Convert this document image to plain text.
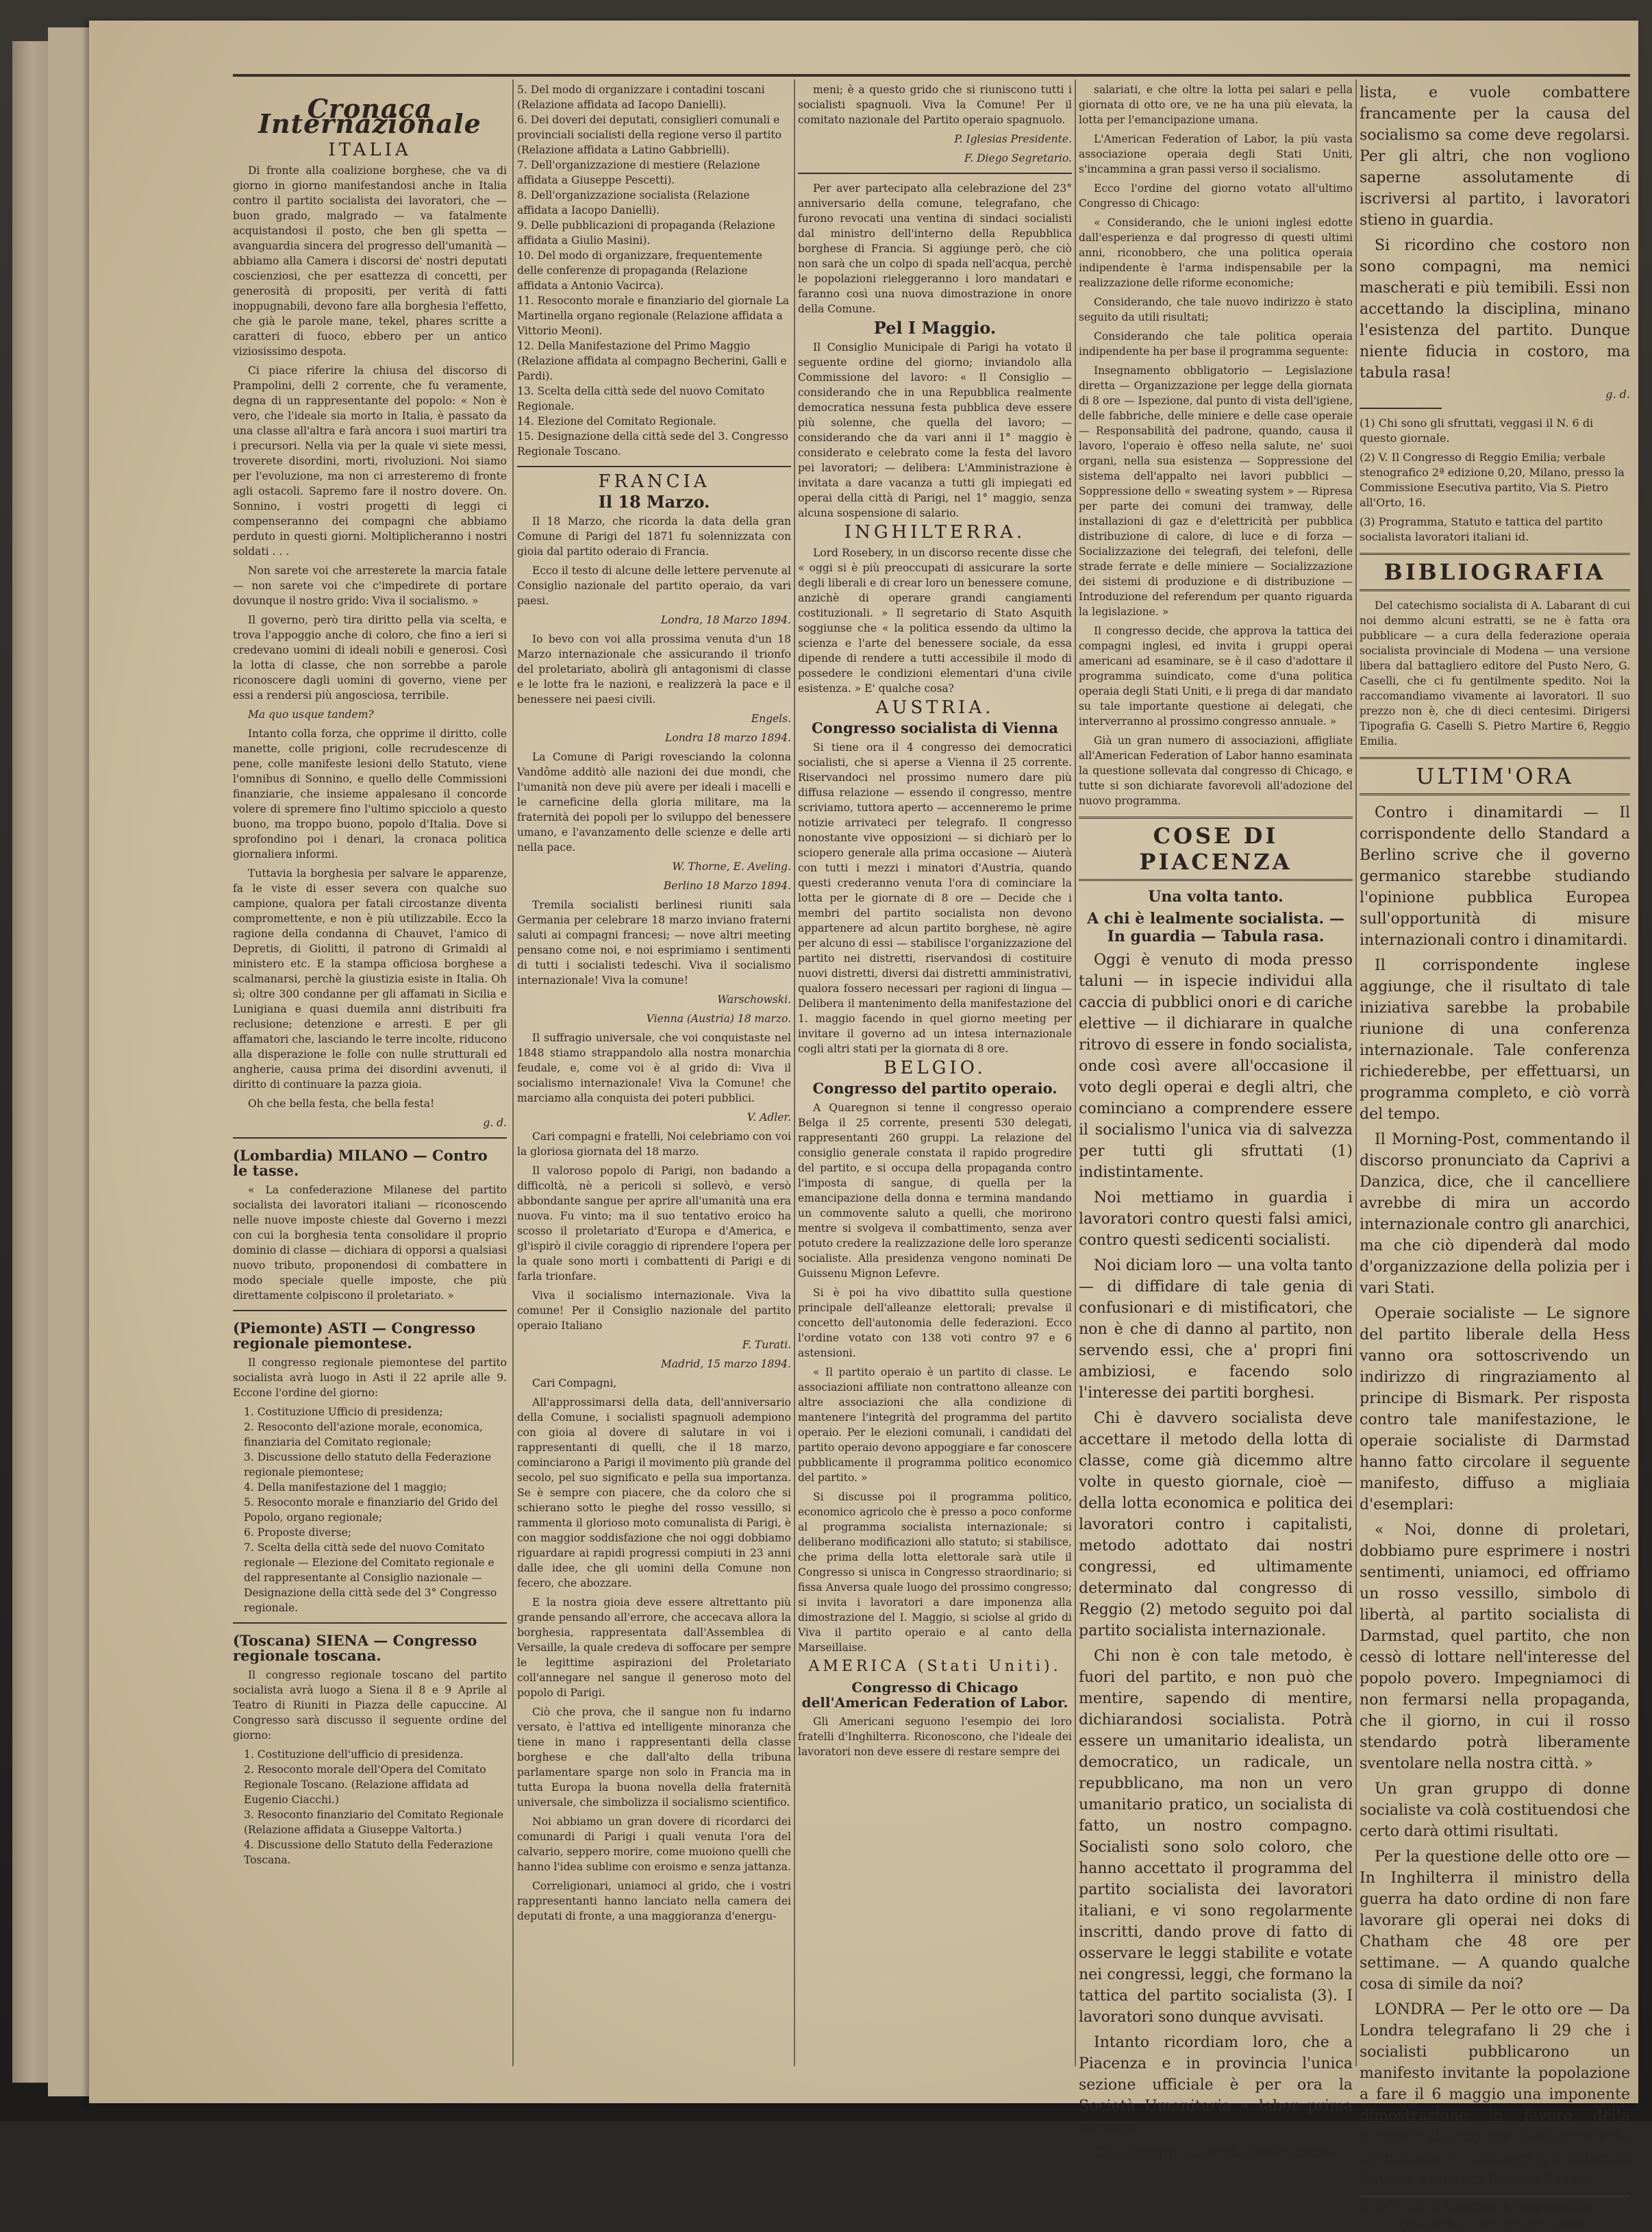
Cronaca Internazionale
ITALIA

Di fronte alla coalizione borghese, che va di giorno in giorno manifestandosi anche in Italia contro il partito socialista dei lavoratori, che — buon grado, malgrado — va fatalmente acquistandosi il posto, che ben gli spetta — avanguardia sincera del progresso dell'umanità — abbiamo alla Camera i discorsi de' nostri deputati coscienziosi, che per esattezza di concetti, per generosità di propositi, per verità di fatti inoppugnabili, devono fare alla borghesia l'effetto, che già le parole mane, tekel, phares scritte a caratteri di fuoco, ebbero per un antico viziosissimo despota.

Ci piace riferire la chiusa del discorso di Prampolini, delli 2 corrente, che fu veramente, degna di un rappresentante del popolo: « Non è vero, che l'ideale sia morto in Italia, è passato da una classe all'altra e farà ancora i suoi martiri tra i precursori. Nella via per la quale vi siete messi, troverete disordini, morti, rivoluzioni. Noi siamo per l'evoluzione, ma non ci arresteremo di fronte agli ostacoli. Sapremo fare il nostro dovere. On. Sonnino, i vostri progetti di leggi ci compenseranno dei compagni che abbiamo perduto in questi giorni. Moltiplicheranno i nostri soldati . . .

Non sarete voi che arresterete la marcia fatale — non sarete voi che c'impedirete di portare dovunque il nostro grido: Viva il socialismo. »

Il governo, però tira diritto pella via scelta, e trova l'appoggio anche di coloro, che fino a ieri si credevano uomini di ideali nobili e generosi. Così la lotta di classe, che non sorrebbe a parole riconoscere dagli uomini di governo, viene per essi a rendersi più angosciosa, terribile.

Ma quo usque tandem?

Intanto colla forza, che opprime il diritto, colle manette, colle prigioni, colle recrudescenze di pene, colle manifeste lesioni dello Statuto, viene l'omnibus di Sonnino, e quello delle Commissioni finanziarie, che insieme appalesano il concorde volere di spremere fino l'ultimo spicciolo a questo buono, ma troppo buono, popolo d'Italia. Dove si sprofondino poi i denari, la cronaca politica giornaliera informi.

Tuttavia la borghesia per salvare le apparenze, fa le viste di esser severa con qualche suo campione, qualora per fatali circostanze diventa compromettente, e non è più utilizzabile. Ecco la ragione della condanna di Chauvet, l'amico di Depretis, di Giolitti, il patrono di Grimaldi al ministero etc. E la stampa officiosa borghese a scalmanarsi, perchè la giustizia esiste in Italia. Oh sì; oltre 300 condanne per gli affamati in Sicilia e Lunigiana e quasi duemila anni distribuiti fra reclusione; detenzione e arresti. E per gli affamatori che, lasciando le terre incolte, riducono alla disperazione le folle con nulle strutturali ed angherie, causa prima dei disordini avvenuti, il diritto di continuare la pazza gioia.

Oh che bella festa, che bella festa!

g. d.
(Lombardia) MILANO — Contro le tasse.

« La confederazione Milanese del partito socialista dei lavoratori italiani — riconoscendo nelle nuove imposte chieste dal Governo i mezzi con cui la borghesia tenta consolidare il proprio dominio di classe — dichiara di opporsi a qualsiasi nuovo tributo, proponendosi di combattere in modo speciale quelle imposte, che più direttamente colpiscono il proletariato. »

(Piemonte) ASTI — Congresso regionale piemontese.

Il congresso regionale piemontese del partito socialista avrà luogo in Asti il 22 aprile alle 9. Eccone l'ordine del giorno:

1. Costituzione Ufficio di presidenza;
2. Resoconto dell'azione morale, economica, finanziaria del Comitato regionale;
3. Discussione dello statuto della Federazione regionale piemontese;
4. Della manifestazione del 1 maggio;
5. Resoconto morale e finanziario del Grido del Popolo, organo regionale;
6. Proposte diverse;
7. Scelta della città sede del nuovo Comitato regionale — Elezione del Comitato regionale e del rappresentante al Consiglio nazionale — Designazione della città sede del 3° Congresso regionale.
(Toscana) SIENA — Congresso regionale toscana.

Il congresso regionale toscano del partito socialista avrà luogo a Siena il 8 e 9 Aprile al Teatro di Riuniti in Piazza delle capuccine. Al Congresso sarà discusso il seguente ordine del giorno:

1. Costituzione dell'ufficio di presidenza.
2. Resoconto morale dell'Opera del Comitato Regionale Toscano. (Relazione affidata ad Eugenio Ciacchi.)
3. Resoconto finanziario del Comitato Regionale (Relazione affidata a Giuseppe Valtorta.)
4. Discussione dello Statuto della Federazione Toscana.
5. Del modo di organizzare i contadini toscani (Relazione affidata ad Iacopo Danielli).
6. Dei doveri dei deputati, consiglieri comunali e provinciali socialisti della regione verso il partito (Relazione affidata a Latino Gabbrielli).
7. Dell'organizzazione di mestiere (Relazione affidata a Giuseppe Pescetti).
8. Dell'organizzazione socialista (Relazione affidata a Iacopo Danielli).
9. Delle pubblicazioni di propaganda (Relazione affidata a Giulio Masini).
10. Del modo di organizzare, frequentemente delle conferenze di propaganda (Relazione affidata a Antonio Vacirca).
11. Resoconto morale e finanziario del giornale La Martinella organo regionale (Relazione affidata a Vittorio Meoni).
12. Della Manifestazione del Primo Maggio (Relazione affidata al compagno Becherini, Galli e Pardi).
13. Scelta della città sede del nuovo Comitato Regionale.
14. Elezione del Comitato Regionale.
15. Designazione della città sede del 3. Congresso Regionale Toscano.
FRANCIA
Il 18 Marzo.

Il 18 Marzo, che ricorda la data della gran Comune di Parigi del 1871 fu solennizzata con gioia dal partito oderaio di Francia.

Ecco il testo di alcune delle lettere pervenute al Consiglio nazionale del partito operaio, da vari paesi.

Londra, 18 Marzo 1894.

Io bevo con voi alla prossima venuta d'un 18 Marzo internazionale che assicurando il trionfo del proletariato, abolirà gli antagonismi di classe e le lotte fra le nazioni, e realizzerà la pace e il benessere nei paesi civili.

Engels.
Londra 18 marzo 1894.

La Comune di Parigi rovesciando la colonna Vandôme additò alle nazioni dei due mondi, che l'umanità non deve più avere per ideali i macelli e le carneficine della gloria militare, ma la fraternità dei popoli per lo sviluppo del benessere umano, e l'avanzamento delle scienze e delle arti nella pace.

W. Thorne, E. Aveling.
Berlino 18 Marzo 1894.

Tremila socialisti berlinesi riuniti sala Germania per celebrare 18 marzo inviano fraterni saluti ai compagni francesi; — nove altri meeting pensano come noi, e noi esprimiamo i sentimenti di tutti i socialisti tedeschi. Viva il socialismo internazionale! Viva la comune!

Warschowski.
Vienna (Austria) 18 marzo.

Il suffragio universale, che voi conquistaste nel 1848 stiamo strappandolo alla nostra monarchia feudale, e, come voi è al grido di: Viva il socialismo internazionale! Viva la Comune! che marciamo alla conquista dei poteri pubblici.

V. Adler.

Cari compagni e fratelli, Noi celebriamo con voi la gloriosa giornata del 18 marzo.

Il valoroso popolo di Parigi, non badando a difficoltà, nè a pericoli si sollevò, e versò abbondante sangue per aprire all'umanità una era nuova. Fu vinto; ma il suo tentativo eroico ha scosso il proletariato d'Europa e d'America, e gl'ispirò il civile coraggio di riprendere l'opera per la quale sono morti i combattenti di Parigi e di farla trionfare.

Viva il socialismo internazionale. Viva la comune! Per il Consiglio nazionale del partito operaio Italiano

F. Turati.
Madrid, 15 marzo 1894.

Cari Compagni,

All'approssimarsi della data, dell'anniversario della Comune, i socialisti spagnuoli adempiono con gioia al dovere di salutare in voi i rappresentanti di quelli, che il 18 marzo, cominciarono a Parigi il movimento più grande del secolo, pel suo significato e pella sua importanza. Se è sempre con piacere, che da coloro che si schierano sotto le pieghe del rosso vessillo, si rammenta il glorioso moto comunalista di Parigi, è con maggior soddisfazione che noi oggi dobbiamo riguardare ai rapidi progressi compiuti in 23 anni dalle idee, che gli uomini della Comune non fecero, che abozzare.

E la nostra gioia deve essere altrettanto più grande pensando all'errore, che accecava allora la borghesia, rappresentata dall'Assemblea di Versaille, la quale credeva di soffocare per sempre le legittime aspirazioni del Proletariato coll'annegare nel sangue il generoso moto del popolo di Parigi.

Ciò che prova, che il sangue non fu indarno versato, è l'attiva ed intelligente minoranza che tiene in mano i rappresentanti della classe borghese e che dall'alto della tribuna parlamentare sparge non solo in Francia ma in tutta Europa la buona novella della fraternità universale, che simbolizza il socialismo scientifico.

Noi abbiamo un gran dovere di ricordarci dei comunardi di Parigi i quali venuta l'ora del calvario, seppero morire, come muoiono quelli che hanno l'idea sublime con eroismo e senza jattanza.

Correligionari, uniamoci al grido, che i vostri rappresentanti hanno lanciato nella camera dei deputati di fronte, a una maggioranza d'energu-

meni; è a questo grido che si riuniscono tutti i socialisti spagnuoli. Viva la Comune! Per il comitato nazionale del Partito operaio spagnuolo.

P. Iglesias Presidente.
F. Diego Segretario.

Per aver partecipato alla celebrazione del 23° anniversario della comune, telegrafano, che furono revocati una ventina di sindaci socialisti dal ministro dell'interno della Repubblica borghese di Francia. Si aggiunge però, che ciò non sarà che un colpo di spada nell'acqua, perchè le popolazioni rieleggeranno i loro mandatari e faranno così una nuova dimostrazione in onore della Comune.

Pel I Maggio.

Il Consiglio Municipale di Parigi ha votato il seguente ordine del giorno; inviandolo alla Commissione del lavoro: « Il Consiglio — considerando che in una Repubblica realmente democratica nessuna festa pubblica deve essere più solenne, che quella del lavoro; — considerando che da vari anni il 1° maggio è considerato e celebrato come la festa del lavoro pei lavoratori; — delibera: L'Amministrazione è invitata a dare vacanza a tutti gli impiegati ed operai della città di Parigi, nel 1° maggio, senza alcuna sospensione di salario.

INGHILTERRA.

Lord Rosebery, in un discorso recente disse che « oggi si è più preoccupati di assicurare la sorte degli liberali e di crear loro un benessere comune, anzichè di operare grandi cangiamenti costituzionali. » Il segretario di Stato Asquith soggiunse che « la politica essendo da ultimo la scienza e l'arte del benessere sociale, da essa dipende di rendere a tutti accessibile il modo di possedere le condizioni elementari d'una civile esistenza. » E' qualche cosa?

AUSTRIA.
Congresso socialista di Vienna

Si tiene ora il 4 congresso dei democratici socialisti, che si aperse a Vienna il 25 corrente. Riservandoci nel prossimo numero dare più diffusa relazione — essendo il congresso, mentre scriviamo, tuttora aperto — accenneremo le prime notizie arrivateci per telegrafo. Il congresso nonostante vive opposizioni — si dichiarò per lo sciopero generale alla prima occasione — Aiuterà con tutti i mezzi i minatori d'Austria, quando questi crederanno venuta l'ora di cominciare la lotta per le giornate di 8 ore — Decide che i membri del partito socialista non devono appartenere ad alcun partito borghese, nè agire per alcuno di essi — stabilisce l'organizzazione del partito nei distretti, riservandosi di costituire nuovi distretti, diversi dai distretti amministrativi, qualora fossero necessari per ragioni di lingua — Delibera il mantenimento della manifestazione del 1. maggio facendo in quel giorno meeting per invitare il governo ad un intesa internazionale cogli altri stati per la giornata di 8 ore.

BELGIO.
Congresso del partito operaio.

A Quaregnon si tenne il congresso operaio Belga il 25 corrente, presenti 530 delegati, rappresentanti 260 gruppi. La relazione del consiglio generale constata il rapido progredire del partito, e si occupa della propaganda contro l'imposta di sangue, di quella per la emancipazione della donna e termina mandando un commovente saluto a quelli, che morirono mentre si svolgeva il combattimento, senza aver potuto credere la realizzazione delle loro speranze socialiste. Alla presidenza vengono nominati De Guissenu Mignon Lefevre.

Si è poi ha vivo dibattito sulla questione principale dell'alleanze elettorali; prevalse il concetto dell'autonomia delle federazioni. Ecco l'ordine votato con 138 voti contro 97 e 6 astensioni.

« Il partito operaio è un partito di classe. Le associazioni affiliate non contrattono alleanze con altre associazioni che alla condizione di mantenere l'integrità del programma del partito operaio. Per le elezioni comunali, i candidati del partito operaio devono appoggiare e far conoscere pubblicamente il programma politico economico del partito. »

Si discusse poi il programma politico, economico agricolo che è presso a poco conforme al programma socialista internazionale; si deliberano modificazioni allo statuto; si stabilisce, che prima della lotta elettorale sarà utile il Congresso si unisca in Congresso straordinario; si fissa Anversa quale luogo del prossimo congresso; si invita i lavoratori a dare imponenza alla dimostrazione del I. Maggio, si sciolse al grido di Viva il partito operaio e al canto della Marseillaise.

AMERICA (Stati Uniti).
Congresso di Chicago dell'American Federation of Labor.

Gli Americani seguono l'esempio dei loro fratelli d'Inghilterra. Riconoscono, che l'ideale dei lavoratori non deve essere di restare sempre dei

salariati, e che oltre la lotta pei salari e pella giornata di otto ore, ve ne ha una più elevata, la lotta per l'emancipazione umana.

L'American Federation of Labor, la più vasta associazione operaia degli Stati Uniti, s'incammina a gran passi verso il socialismo.

Ecco l'ordine del giorno votato all'ultimo Congresso di Chicago:

« Considerando, che le unioni inglesi edotte dall'esperienza e dal progresso di questi ultimi anni, riconobbero, che una politica operaia indipendente è l'arma indispensabile per la realizzazione delle riforme economiche;

Considerando, che tale nuovo indirizzo è stato seguito da utili risultati;

Considerando che tale politica operaia indipendente ha per base il programma seguente:

Insegnamento obbligatorio — Legislazione diretta — Organizzazione per legge della giornata di 8 ore — Ispezione, dal punto di vista dell'igiene, delle fabbriche, delle miniere e delle case operaie — Responsabilità del padrone, quando, causa il lavoro, l'operaio è offeso nella salute, ne' suoi organi, nella sua esistenza — Soppressione del sistema dell'appalto nei lavori pubblici — Soppressione dello « sweating system » — Ripresa per parte dei comuni dei tramway, delle installazioni di gaz e d'elettricità per pubblica distribuzione di calore, di luce e di forza — Socializzazione dei telegrafi, dei telefoni, delle strade ferrate e delle miniere — Socializzazione dei sistemi di produzione e di distribuzione — Introduzione del referendum per quanto riguarda la legislazione. »

Il congresso decide, che approva la tattica dei compagni inglesi, ed invita i gruppi operai americani ad esaminare, se è il caso d'adottare il programma suindicato, come d'una politica operaia degli Stati Uniti, e li prega di dar mandato su tale importante questione ai delegati, che interverranno al prossimo congresso annuale. »

Già un gran numero di associazioni, affigliate all'American Federation of Labor hanno esaminata la questione sollevata dal congresso di Chicago, e tutte si son dichiarate favorevoli all'adozione del nuovo programma.

COSE DI PIACENZA
Una volta tanto.
A chi è lealmente socialista. — In guardia — Tabula rasa.

Oggi è venuto di moda presso taluni — in ispecie individui alla caccia di pubblici onori e di cariche elettive — il dichiarare in qualche ritrovo di essere in fondo socialista, onde così avere all'occasione il voto degli operai e degli altri, che cominciano a comprendere essere il socialismo l'unica via di salvezza per tutti gli sfruttati (1) indistintamente.

Noi mettiamo in guardia i lavoratori contro questi falsi amici, contro questi sedicenti socialisti.

Noi diciam loro — una volta tanto — di diffidare di tale genia di confusionari e di mistificatori, che non è che di danno al partito, non servendo essi, che a' propri fini ambiziosi, e facendo solo l'interesse dei partiti borghesi.

Chi è davvero socialista deve accettare il metodo della lotta di classe, come già dicemmo altre volte in questo giornale, cioè — della lotta economica e politica dei lavoratori contro i capitalisti, metodo adottato dai nostri congressi, ed ultimamente determinato dal congresso di Reggio (2) metodo seguito poi dal partito socialista internazionale.

Chi non è con tale metodo, è fuori del partito, e non può che mentire, sapendo di mentire, dichiarandosi socialista. Potrà essere un umanitario idealista, un democratico, un radicale, un repubblicano, ma non un vero umanitario pratico, un socialista di fatto, un nostro compagno. Socialisti sono solo coloro, che hanno accettato il programma del partito socialista dei lavoratori italiani, e vi sono regolarmente inscritti, dando prove di fatto di osservare le leggi stabilite e votate nei congressi, leggi, che formano la tattica del partito socialista (3). I lavoratori sono dunque avvisati.

Intanto ricordiam loro, che a Piacenza e in provincia l'unica sezione ufficiale è per ora la Società Umanitaria « labor prima virtus ».

Chi dunque si sente leale socia-

lista, e vuole combattere francamente per la causa del socialismo sa come deve regolarsi. Per gli altri, che non vogliono saperne assolutamente di iscriversi al partito, i lavoratori stieno in guardia.

Si ricordino che costoro non sono compagni, ma nemici mascherati e più temibili. Essi non accettando la disciplina, minano l'esistenza del partito. Dunque niente fiducia in costoro, ma tabula rasa!

g. d.
(1) Chi sono gli sfruttati, veggasi il N. 6 di questo giornale.
(2) V. Il Congresso di Reggio Emilia; verbale stenografico 2ª edizione 0,20, Milano, presso la Commissione Esecutiva partito, Via S. Pietro all'Orto, 16.
(3) Programma, Statuto e tattica del partito socialista lavoratori italiani id.
BIBLIOGRAFIA

Del catechismo socialista di A. Labarant di cui noi demmo alcuni estratti, se ne è fatta ora pubblicare — a cura della federazione operaia socialista provinciale di Modena — una versione libera dal battagliero editore del Pusto Nero, G. Caselli, che ci fu gentilmente spedito. Noi la raccomandiamo vivamente ai lavoratori. Il suo prezzo non è, che di dieci centesimi. Dirigersi Tipografia G. Caselli S. Pietro Martire 6, Reggio Emilia.

ULTIM'ORA

Contro i dinamitardi — Il corrispondente dello Standard a Berlino scrive che il governo germanico starebbe studiando l'opinione pubblica Europea sull'opportunità di misure internazionali contro i dinamitardi.

Il corrispondente inglese aggiunge, che il risultato di tale iniziativa sarebbe la probabile riunione di una conferenza internazionale. Tale conferenza richiederebbe, per effettuarsi, un programma completo, e ciò vorrà del tempo.

Il Morning-Post, commentando il discorso pronunciato da Caprivi a Danzica, dice, che il cancelliere avrebbe di mira un accordo internazionale contro gli anarchici, ma che ciò dipenderà dal modo d'organizzazione della polizia per i vari Stati.

Operaie socialiste — Le signore del partito liberale della Hess vanno ora sottoscrivendo un indirizzo di ringraziamento al principe di Bismark. Per risposta contro tale manifestazione, le operaie socialiste di Darmstad hanno fatto circolare il seguente manifesto, diffuso a migliaia d'esemplari:

« Noi, donne di proletari, dobbiamo pure esprimere i nostri sentimenti, uniamoci, ed offriamo un rosso vessillo, simbolo di libertà, al partito socialista di Darmstad, quel partito, che non cessò di lottare nell'interesse del popolo povero. Impegniamoci di non fermarsi nella propaganda, che il giorno, in cui il rosso stendardo potrà liberamente sventolare nella nostra città. »

Un gran gruppo di donne socialiste va colà costituendosi che certo darà ottimi risultati.

Per la questione delle otto ore — In Inghilterra il ministro della guerra ha dato ordine di non fare lavorare gli operai nei doks di Chatham che 48 ore per settimane. — A quando qualche cosa di simile da noi?

LONDRA — Per le otto ore — Da Londra telegrafano li 29 che i socialisti pubblicarono un manifesto invitante la popolazione a fare il 6 maggio una imponente dimostrazione in favore della giornata di otto ore. Nel manifesto si indicano i vantaggi già ottenuti dove la giornata fu così fissata.

G. DOUGLAS, Direttore e Responsabile.
Tipografia Coop. fra gli Operai.
